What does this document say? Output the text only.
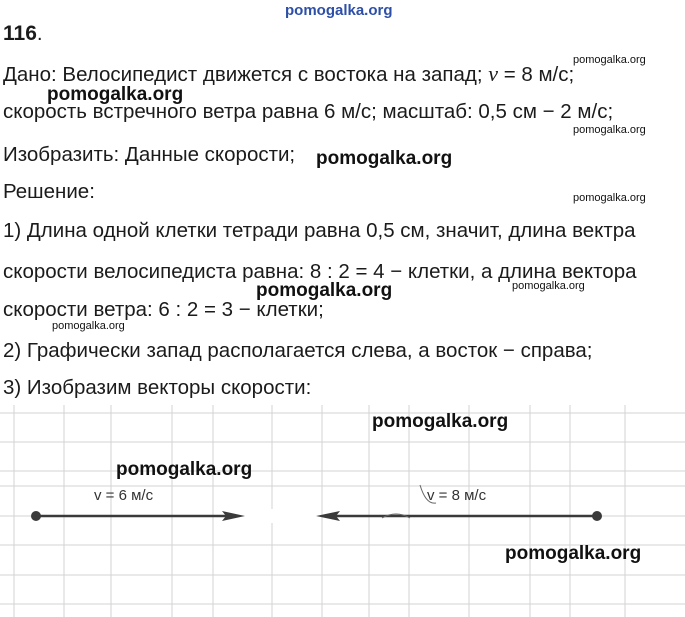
pomogalka.org
116.
Дано: Велосипедист движется с востока на запад; v = 8 м/с;
скорость встречного ветра равна 6 м/с; масштаб: 0,5 см − 2 м/с;
Изобразить: Данные скорости;
Решение:
1) Длина одной клетки тетради равна 0,5 см, значит, длина вектра
скорости велосипедиста равна: 8 : 2 = 4 − клетки, а длина вектора
скорости ветра: 6 : 2 = 3 − клетки;
2) Графически запад располагается слева, а восток − справа;
3) Изобразим векторы скорости:
pomogalka.org
pomogalka.org
pomogalka.org
pomogalka.org
pomogalka.org
pomogalka.org
pomogalka.org
pomogalka.org
v = 6 м/с	v = 8 м/с
pomogalka.org
pomogalka.org
pomogalka.org
